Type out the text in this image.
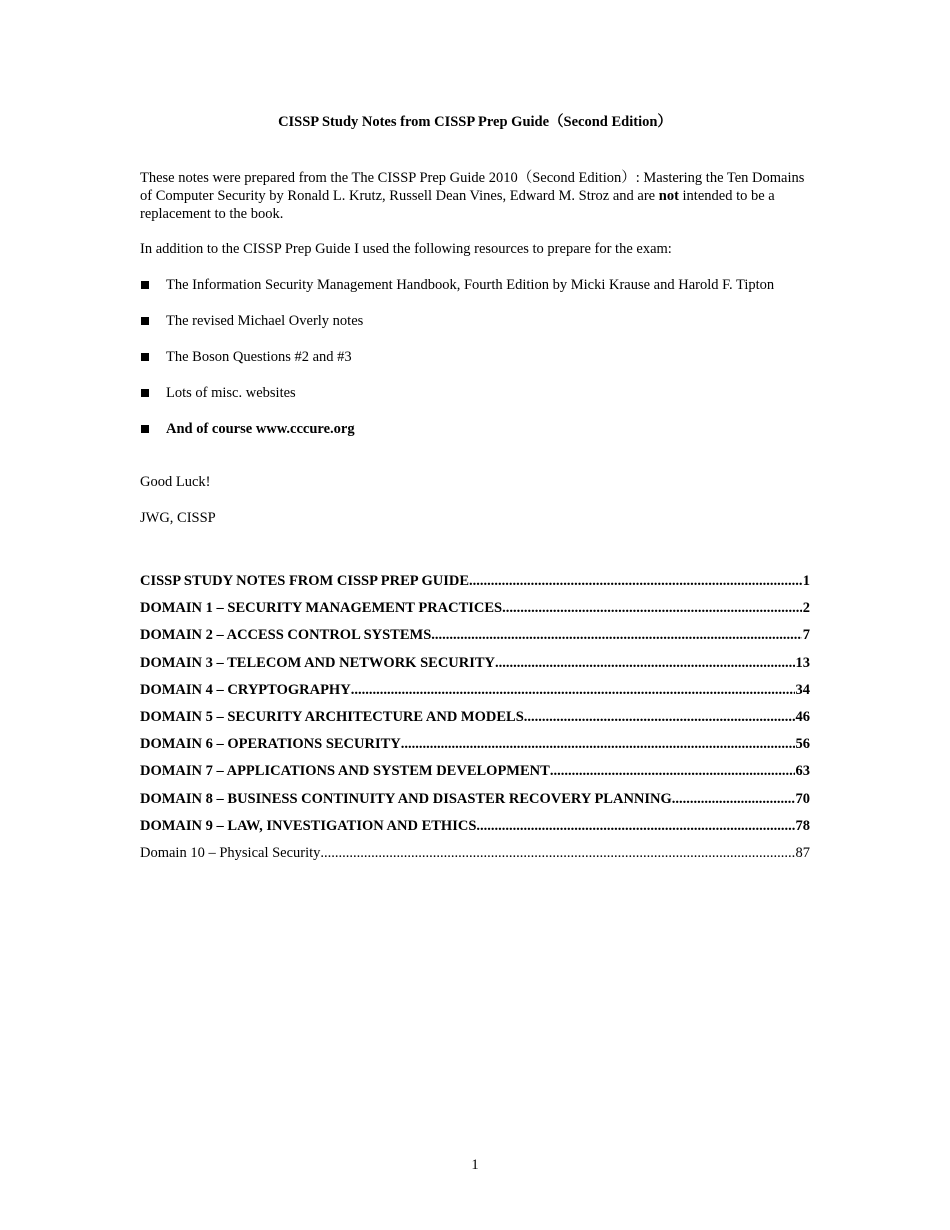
CISSP Study Notes from CISSP Prep Guide（Second Edition）

These notes were prepared from the The CISSP Prep Guide 2010（Second Edition）: Mastering the Ten Domains of Computer Security by Ronald L. Krutz, Russell Dean Vines, Edward M. Stroz and are not intended to be a replacement to the book.

In addition to the CISSP Prep Guide I used the following resources to prepare for the exam:

The Information Security Management Handbook, Fourth Edition by Micki Krause and Harold F. Tipton
The revised Michael Overly notes
The Boson Questions #2 and #3
Lots of misc. websites
And of course www.cccure.org

Good Luck!

JWG, CISSP

CISSP STUDY NOTES FROM CISSP PREP GUIDE .....	1
DOMAIN 1 – SECURITY MANAGEMENT PRACTICES .....	2
DOMAIN 2 – ACCESS CONTROL SYSTEMS .....	7
DOMAIN 3 – TELECOM AND NETWORK SECURITY .....	13
DOMAIN 4 – CRYPTOGRAPHY .....	34
DOMAIN 5 – SECURITY ARCHITECTURE AND MODELS .....	46
DOMAIN 6 – OPERATIONS SECURITY .....	56
DOMAIN 7 – APPLICATIONS AND SYSTEM DEVELOPMENT .....	63
DOMAIN 8 – BUSINESS CONTINUITY AND DISASTER RECOVERY PLANNING .....	70
DOMAIN 9 – LAW, INVESTIGATION AND ETHICS .....	78
Domain 10 – Physical Security .....	87
1
